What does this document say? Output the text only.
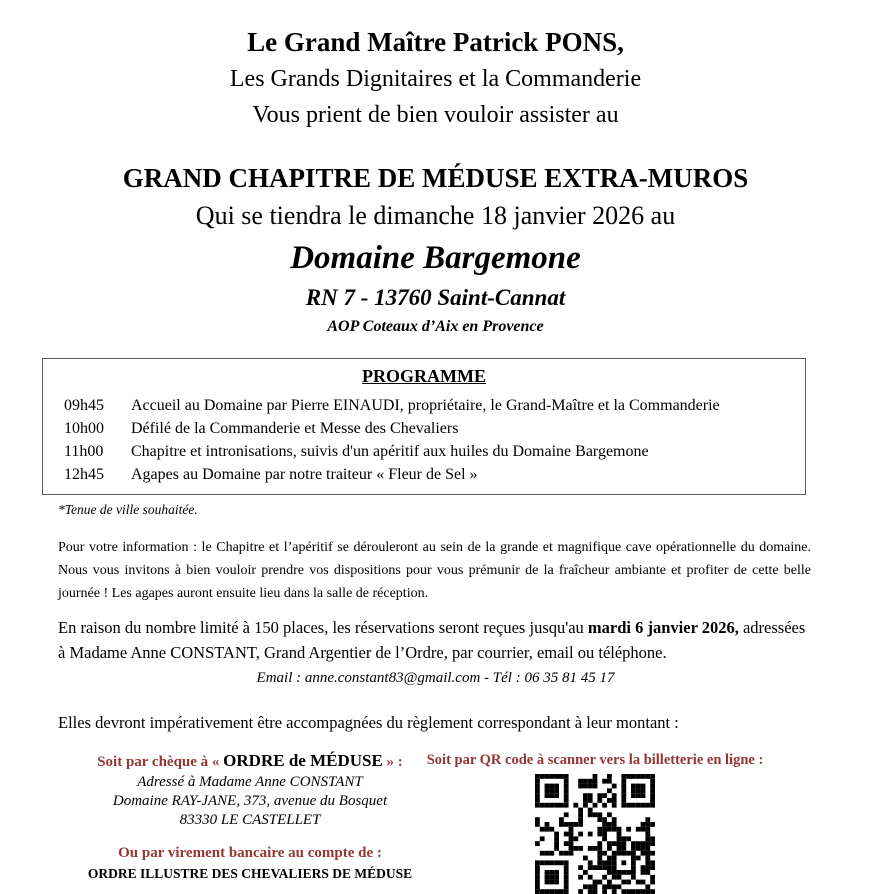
Le Grand Maître Patrick PONS,
Les Grands Dignitaires et la Commanderie
Vous prient de bien vouloir assister au
GRAND CHAPITRE DE MÉDUSE EXTRA-MUROS
Qui se tiendra le dimanche 18 janvier 2026 au
Domaine Bargemone
RN 7 - 13760 Saint-Cannat
AOP Coteaux d’Aix en Provence
PROGRAMME
09h45 Accueil au Domaine par Pierre EINAUDI, propriétaire, le Grand-Maître et la Commanderie
10h00 Défilé de la Commanderie et Messe des Chevaliers
11h00 Chapitre et intronisations, suivis d'un apéritif aux huiles du Domaine Bargemone
12h45 Agapes au Domaine par notre traiteur « Fleur de Sel »
*Tenue de ville souhaitée.
Pour votre information : le Chapitre et l’apéritif se dérouleront au sein de la grande et magnifique cave opérationnelle du domaine. Nous vous invitons à bien vouloir prendre vos dispositions pour vous prémunir de la fraîcheur ambiante et profiter de cette belle journée ! Les agapes auront ensuite lieu dans la salle de réception.
En raison du nombre limité à 150 places, les réservations seront reçues jusqu'au mardi 6 janvier 2026, adressées à Madame Anne CONSTANT, Grand Argentier de l’Ordre, par courrier, email ou téléphone.
Email : anne.constant83@gmail.com - Tél : 06 35 81 45 17
Elles devront impérativement être accompagnées du règlement correspondant à leur montant :
Soit par chèque à « ORDRE de MÉDUSE » :
Adressé à Madame Anne CONSTANT
Domaine RAY-JANE, 373, avenue du Bosquet
83330 LE CASTELLET
Ou par virement bancaire au compte de :
ORDRE ILLUSTRE DES CHEVALIERS DE MÉDUSE
Soit par QR code à scanner vers la billetterie en ligne :
